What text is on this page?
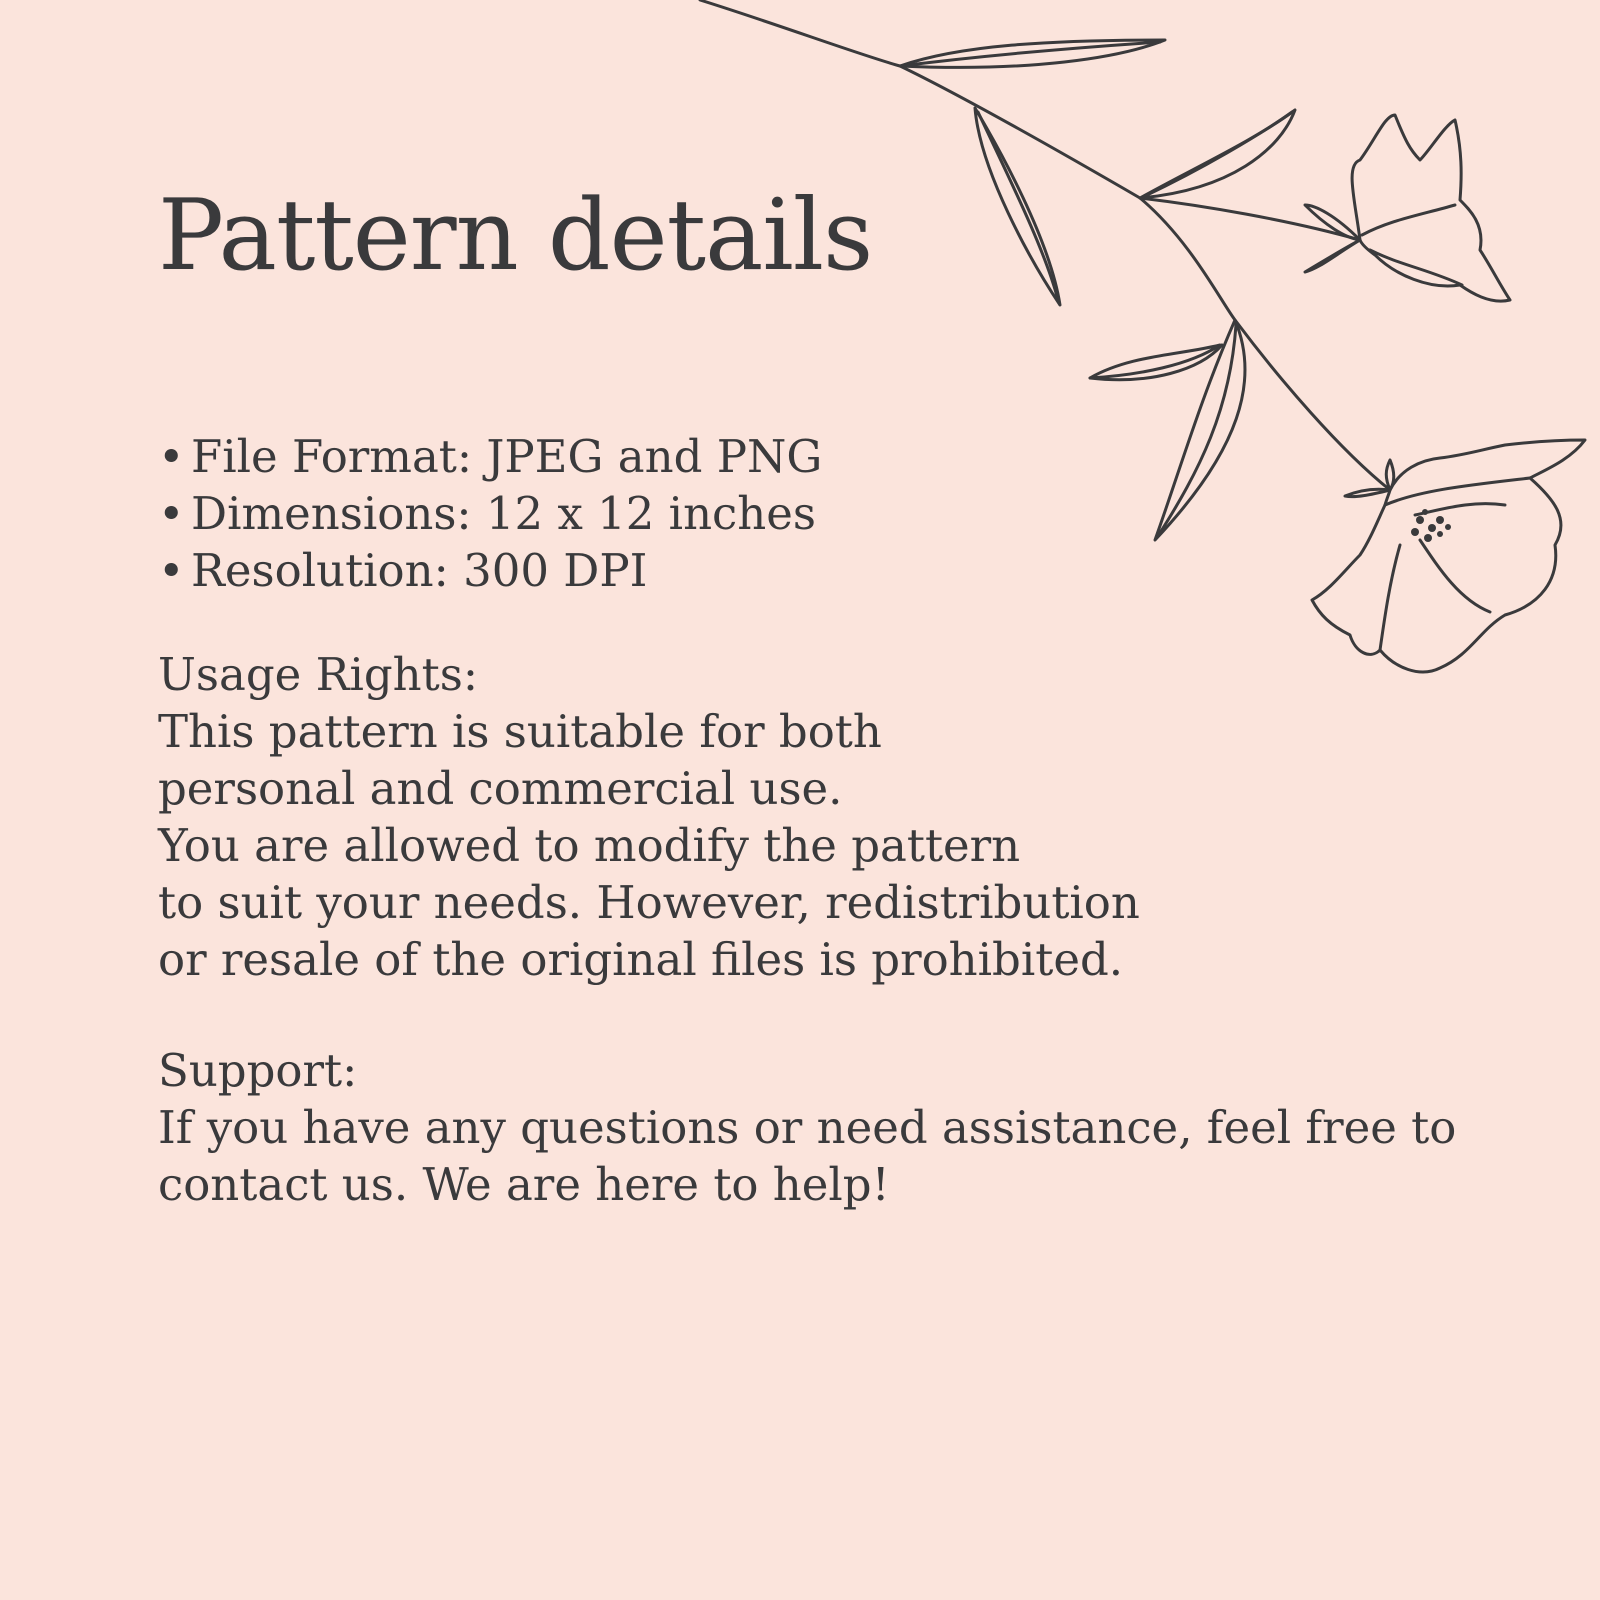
Pattern details
• File Format: JPEG and PNG
• Dimensions: 12 x 12 inches
• Resolution: 300 DPI

Usage Rights:

This pattern is suitable for both

personal and commercial use.

You are allowed to modify the pattern

to suit your needs. However, redistribution

or resale of the original files is prohibited.

Support:

If you have any questions or need assistance, feel free to

contact us. We are here to help!
